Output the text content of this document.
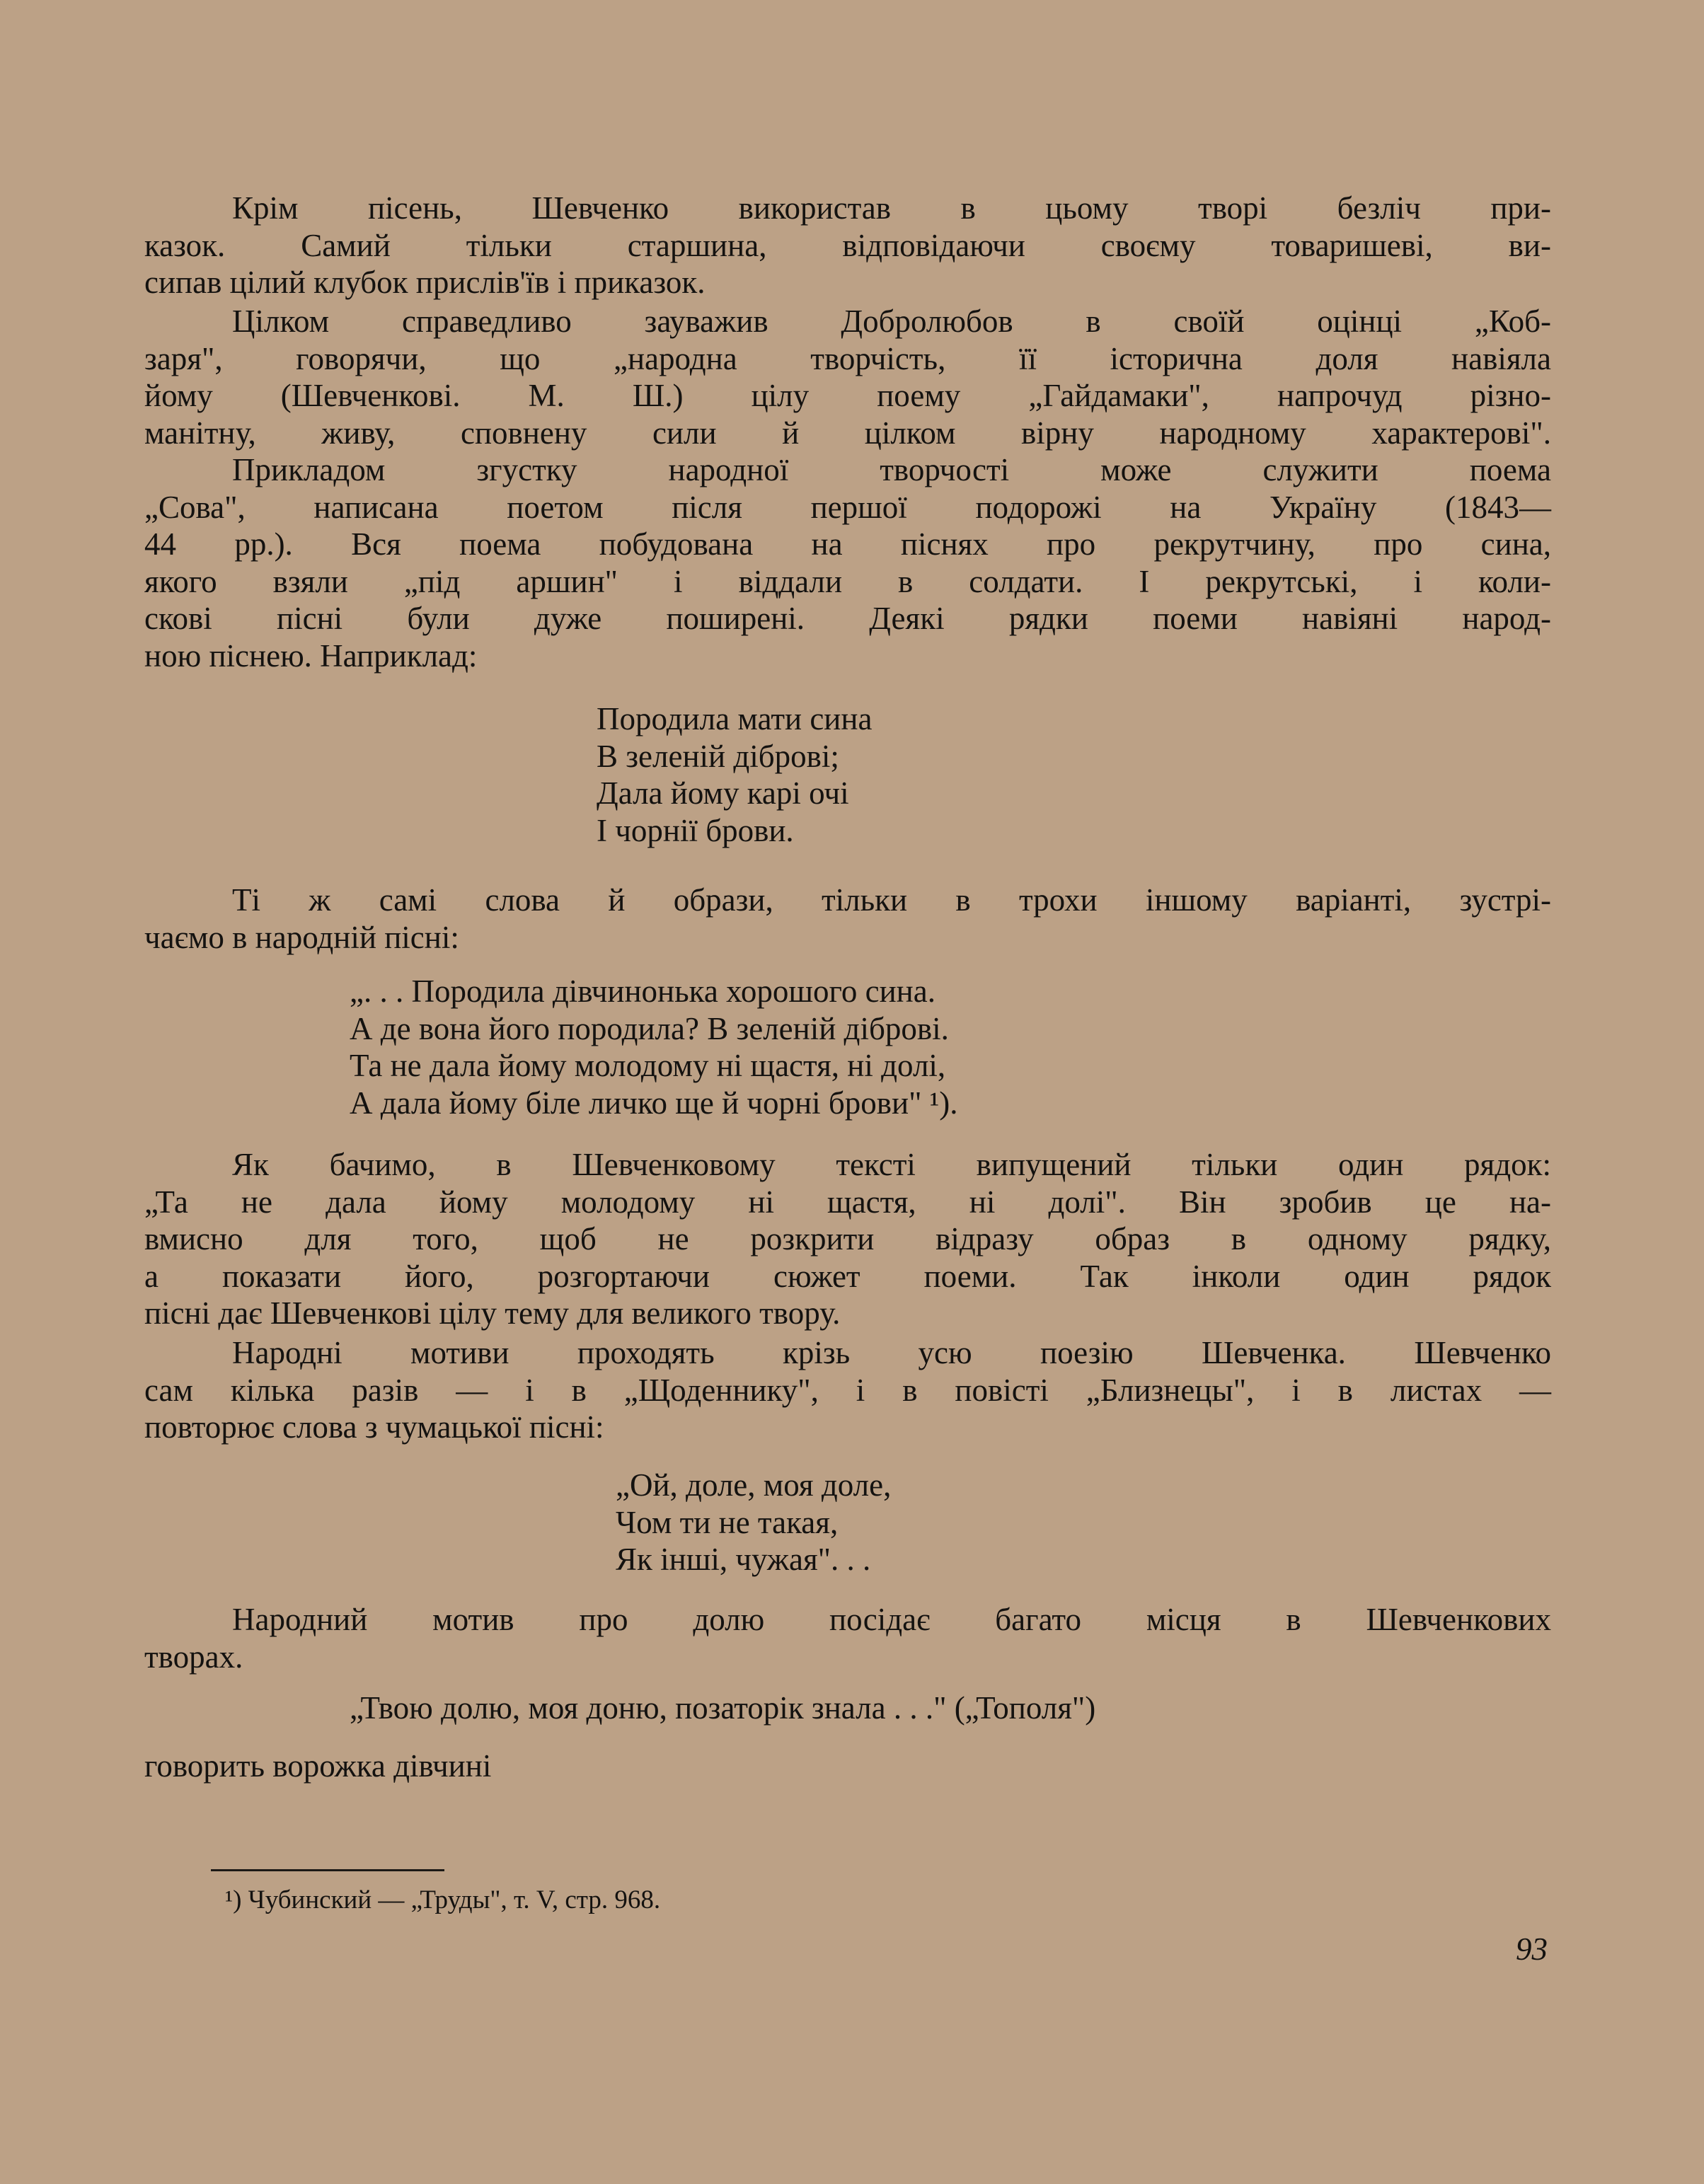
Крім пісень, Шевченко використав в цьому творі безліч при-
казок. Самий тільки старшина, відповідаючи своєму товаришеві, ви-
сипав цілий клубок прислів'їв і приказок.
Цілком справедливо зауважив Добролюбов в своїй оцінці „Коб-
заря", говорячи, що „народна творчість, її історична доля навіяла
йому (Шевченкові. М. Ш.) цілу поему „Гайдамаки", напрочуд різно-
манітну, живу, сповнену сили й цілком вірну народному характерові".
Прикладом згустку народної творчості може служити поема
„Сова", написана поетом після першої подорожі на Україну (1843—
44 рр.). Вся поема побудована на піснях про рекрутчину, про сина,
якого взяли „під аршин" і віддали в солдати. І рекрутські, і коли-
скові пісні були дуже поширені. Деякі рядки поеми навіяні народ-
ною піснею. Наприклад:
Породила мати сина
В зеленій діброві;
Дала йому карі очі
І чорнії брови.
Ті ж самі слова й образи, тільки в трохи іншому варіанті, зустрі-
чаємо в народній пісні:
„. . . Породила дівчинонька хорошого сина.
А де вона його породила? В зеленій діброві.
Та не дала йому молодому ні щастя, ні долі,
А дала йому біле личко ще й чорні брови" ¹).
Як бачимо, в Шевченковому тексті випущений тільки один рядок:
„Та не дала йому молодому ні щастя, ні долі". Він зробив це на-
вмисно для того, щоб не розкрити відразу образ в одному рядку,
а показати його, розгортаючи сюжет поеми. Так інколи один рядок
пісні дає Шевченкові цілу тему для великого твору.
Народні мотиви проходять крізь усю поезію Шевченка. Шевченко
сам кілька разів — і в „Щоденнику", і в повісті „Близнецы", і в листах —
повторює слова з чумацької пісні:
„Ой, доле, моя доле,
Чом ти не такая,
Як інші, чужая". . .
Народний мотив про долю посідає багато місця в Шевченкових
творах.
„Твою долю, моя доню, позаторік знала . . ." („Тополя")
говорить ворожка дівчині
¹) Чубинский — „Труды", т. V, стр. 968.
93
